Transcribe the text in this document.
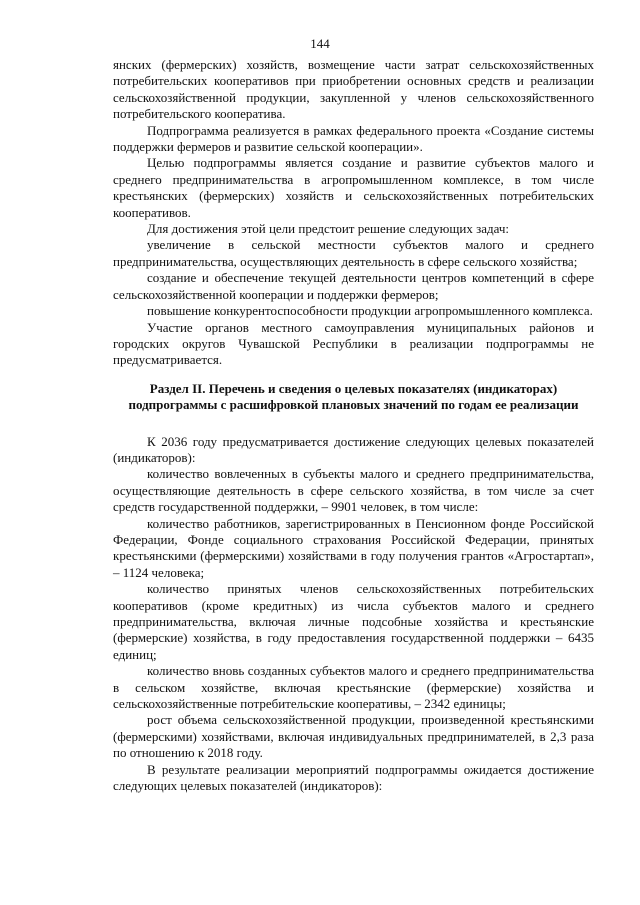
144

янских (фермерских) хозяйств, возмещение части затрат сельскохозяйственных потребительских кооперативов при приобретении основных средств и реализации сельскохозяйственной продукции, закупленной у членов сельскохозяйственного потребительского кооператива.

Подпрограмма реализуется в рамках федерального проекта «Создание системы поддержки фермеров и развитие сельской кооперации».

Целью подпрограммы является создание и развитие субъектов малого и среднего предпринимательства в агропромышленном комплексе, в том числе крестьянских (фермерских) хозяйств и сельскохозяйственных потребительских кооперативов.

Для достижения этой цели предстоит решение следующих задач:

увеличение в сельской местности субъектов малого и среднего предпринимательства, осуществляющих деятельность в сфере сельского хозяйства;

создание и обеспечение текущей деятельности центров компетенций в сфере сельскохозяйственной кооперации и поддержки фермеров;

повышение конкурентоспособности продукции агропромышленного комплекса.

Участие органов местного самоуправления муниципальных районов и городских округов Чувашской Республики в реализации подпрограммы не предусматривается.

Раздел II. Перечень и сведения о целевых показателях (индикаторах) подпрограммы с расшифровкой плановых значений по годам ее реализации

К 2036 году предусматривается достижение следующих целевых показателей (индикаторов):

количество вовлеченных в субъекты малого и среднего предпринимательства, осуществляющие деятельность в сфере сельского хозяйства, в том числе за счет средств государственной поддержки, – 9901 человек, в том числе:

количество работников, зарегистрированных в Пенсионном фонде Российской Федерации, Фонде социального страхования Российской Федерации, принятых крестьянскими (фермерскими) хозяйствами в году получения грантов «Агростартап», – 1124 человека;

количество принятых членов сельскохозяйственных потребительских кооперативов (кроме кредитных) из числа субъектов малого и среднего предпринимательства, включая личные подсобные хозяйства и крестьянские (фермерские) хозяйства, в году предоставления государственной поддержки – 6435 единиц;

количество вновь созданных субъектов малого и среднего предпринимательства в сельском хозяйстве, включая крестьянские (фермерские) хозяйства и сельскохозяйственные потребительские кооперативы, – 2342 единицы;

рост объема сельскохозяйственной продукции, произведенной крестьянскими (фермерскими) хозяйствами, включая индивидуальных предпринимателей, в 2,3 раза по отношению к 2018 году.

В результате реализации мероприятий подпрограммы ожидается достижение следующих целевых показателей (индикаторов):
